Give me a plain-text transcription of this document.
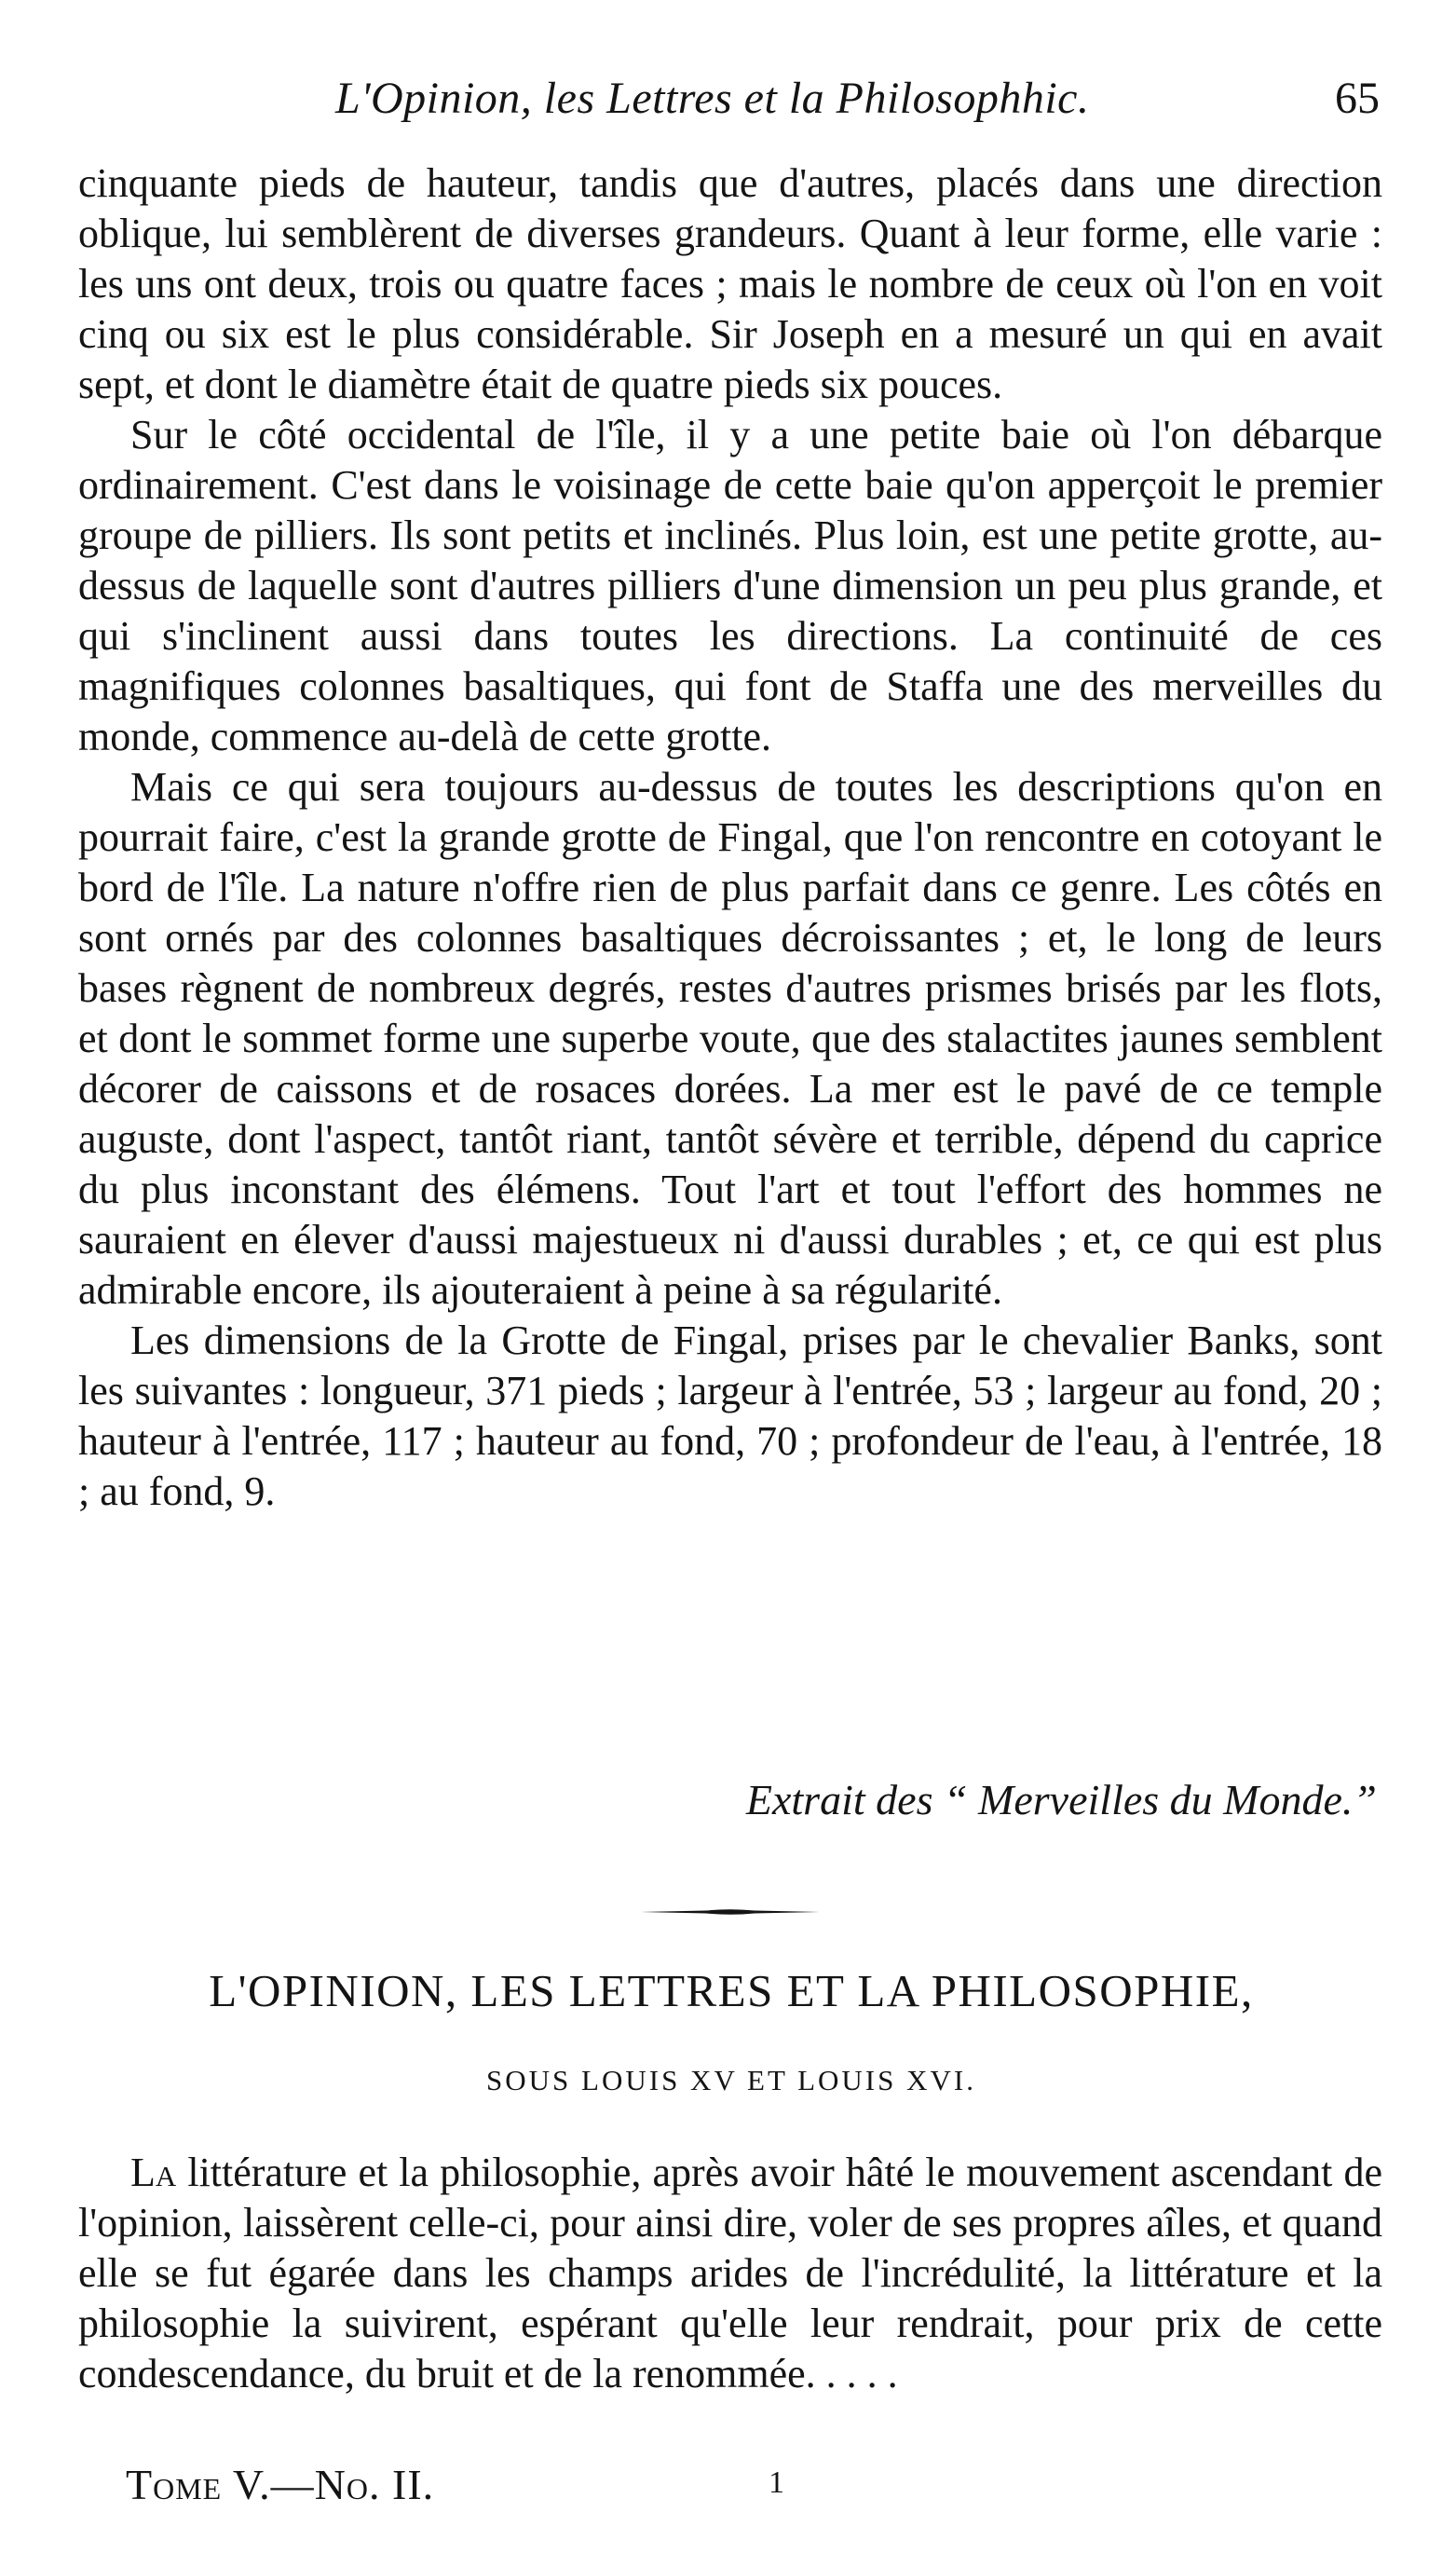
L'Opinion, les Lettres et la Philosophhic.	65

cinquante pieds de hauteur, tandis que d'autres, placés dans une direction oblique, lui semblèrent de diverses grandeurs. Quant à leur forme, elle varie : les uns ont deux, trois ou quatre faces ; mais le nombre de ceux où l'on en voit cinq ou six est le plus considérable. Sir Joseph en a mesuré un qui en avait sept, et dont le diamètre était de quatre pieds six pouces.

Sur le côté occidental de l'île, il y a une petite baie où l'on débarque ordinairement. C'est dans le voisinage de cette baie qu'on apperçoit le premier groupe de pilliers. Ils sont petits et inclinés. Plus loin, est une petite grotte, au-dessus de laquelle sont d'autres pilliers d'une dimension un peu plus grande, et qui s'inclinent aussi dans toutes les directions. La continuité de ces magnifiques colonnes basaltiques, qui font de Staffa une des merveilles du monde, commence au-delà de cette grotte.

Mais ce qui sera toujours au-dessus de toutes les descriptions qu'on en pourrait faire, c'est la grande grotte de Fingal, que l'on rencontre en cotoyant le bord de l'île. La nature n'offre rien de plus parfait dans ce genre. Les côtés en sont ornés par des colonnes basaltiques décroissantes ; et, le long de leurs bases règnent de nombreux degrés, restes d'autres prismes brisés par les flots, et dont le sommet forme une superbe voute, que des stalactites jaunes semblent décorer de caissons et de rosaces dorées. La mer est le pavé de ce temple auguste, dont l'aspect, tantôt riant, tantôt sévère et terrible, dépend du caprice du plus inconstant des élémens. Tout l'art et tout l'effort des hommes ne sauraient en élever d'aussi majestueux ni d'aussi durables ; et, ce qui est plus admirable encore, ils ajouteraient à peine à sa régularité.

Les dimensions de la Grotte de Fingal, prises par le chevalier Banks, sont les suivantes : longueur, 371 pieds ; largeur à l'entrée, 53 ; largeur au fond, 20 ; hauteur à l'entrée, 117 ; hauteur au fond, 70 ; profondeur de l'eau, à l'entrée, 18 ; au fond, 9.

Extrait des “ Merveilles du Monde.”
L'OPINION, LES LETTRES ET LA PHILOSOPHIE,
SOUS LOUIS XV ET LOUIS XVI.

La littérature et la philosophie, après avoir hâté le mouvement ascendant de l'opinion, laissèrent celle-ci, pour ainsi dire, voler de ses propres aîles, et quand elle se fut égarée dans les champs arides de l'incrédulité, la littérature et la philosophie la suivirent, espérant qu'elle leur rendrait, pour prix de cette condescendance, du bruit et de la renommée. . . . .

Tome V.—No. II.	1
